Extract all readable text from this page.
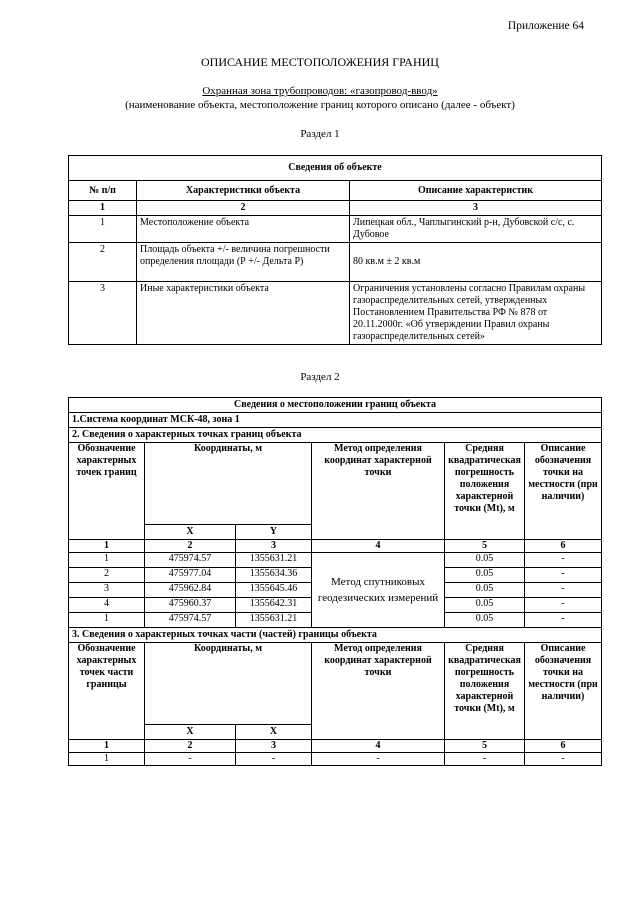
Приложение 64
ОПИСАНИЕ МЕСТОПОЛОЖЕНИЯ ГРАНИЦ
Охранная зона трубопроводов: «газопровод-ввод»
(наименование объекта, местоположение границ которого описано (далее - объект)
Раздел 1
Сведения об объекте		
№ п/п	Характеристики объекта	Описание характеристик
1	2	3
1	Местоположение объекта	Липецкая обл., Чаплыгинский р-н, Дубовской с/с, с. Дубовое
2	Площадь объекта +/- величина погрешности определения площади (Р +/- Дельта Р)	80 кв.м ± 2 кв.м
3	Иные характеристики объекта	Ограничения установлены согласно Правилам охраны газораспределительных сетей, утвержденных Постановлением Правительства РФ № 878 от 20.11.2000г. «Об утверждении Правил охраны газораспределительных сетей»
Раздел 2
Сведения о местоположении границ объекта					
1.Система координат МСК-48, зона 1					
2. Сведения о характерных точках границ объекта					
Обозначение характерных точек границ	Координаты, м		Метод определения координат характерной точки	Средняя квадратическая погрешность положения характерной точки (Mt), м	Описание обозначения точки на местности (при наличии)
	X	Y			
1	2	3	4	5	6
1	475974.57	1355631.21	Метод спутниковых геодезических измерений	0.05	-
2	475977.04	1355634.36		0.05	-
3	475962.84	1355645.46		0.05	-
4	475960.37	1355642.31		0.05	-
1	475974.57	1355631.21		0.05	-
3. Сведения о характерных точках части (частей) границы объекта					
Обозначение характерных точек части границы	Координаты, м		Метод определения координат характерной точки	Средняя квадратическая погрешность положения характерной точки (Mt), м	Описание обозначения точки на местности (при наличии)
	X	X			
1	2	3	4	5	6
1	-	-	-	-	-
